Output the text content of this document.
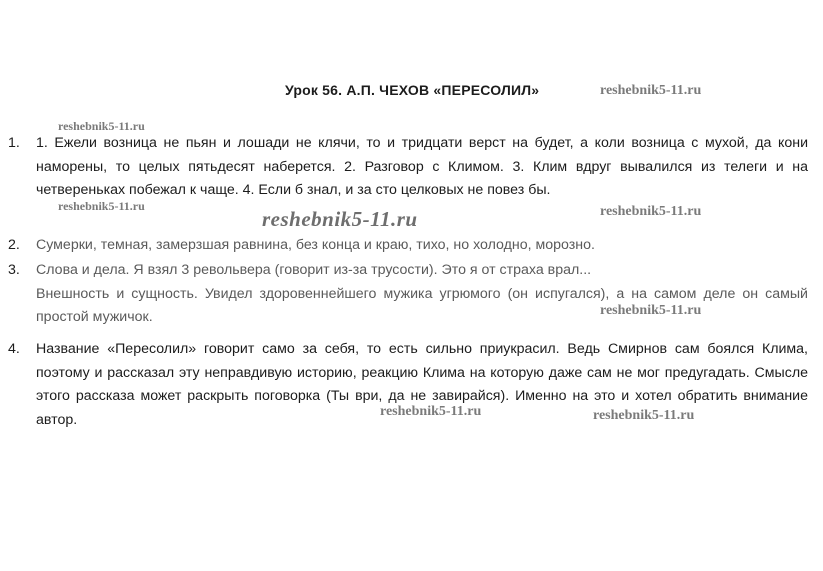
Урок 56. А.П. ЧЕХОВ «ПЕРЕСОЛИЛ»	reshebnik5-11.ru
reshebnik5-11.ru
reshebnik5-11.ru	reshebnik5-11.ru
reshebnik5-11.ru
reshebnik5-11.ru
reshebnik5-11.ru	reshebnik5-11.ru
1.	1. Ежели возница не пьян и лошади не клячи, то и тридцати верст на будет, а коли возница с мухой, да кони наморены, то целых пятьдесят наберется. 2. Разговор с Климом. 3. Клим вдруг вывалился из телеги и на четвереньках побежал к чаще. 4. Если б знал, и за сто целковых не повез бы.
2.	Сумерки, темная, замерзшая равнина, без конца и краю, тихо, но холодно, морозно.
3.	Слова и дела. Я взял 3 револьвера (говорит из-за трусости). Это я от страха врал...
Внешность и сущность. Увидел здоровеннейшего мужика угрюмого (он испугался), а на самом деле он самый простой мужичок.
4.	Название «Пересолил» говорит само за себя, то есть сильно приукрасил. Ведь Смирнов сам боялся Клима, поэтому и рассказал эту неправдивую историю, реакцию Клима на которую даже сам не мог предугадать. Смысле этого рассказа может раскрыть поговорка (Ты ври, да не завирайся). Именно на это и хотел обратить внимание автор.
